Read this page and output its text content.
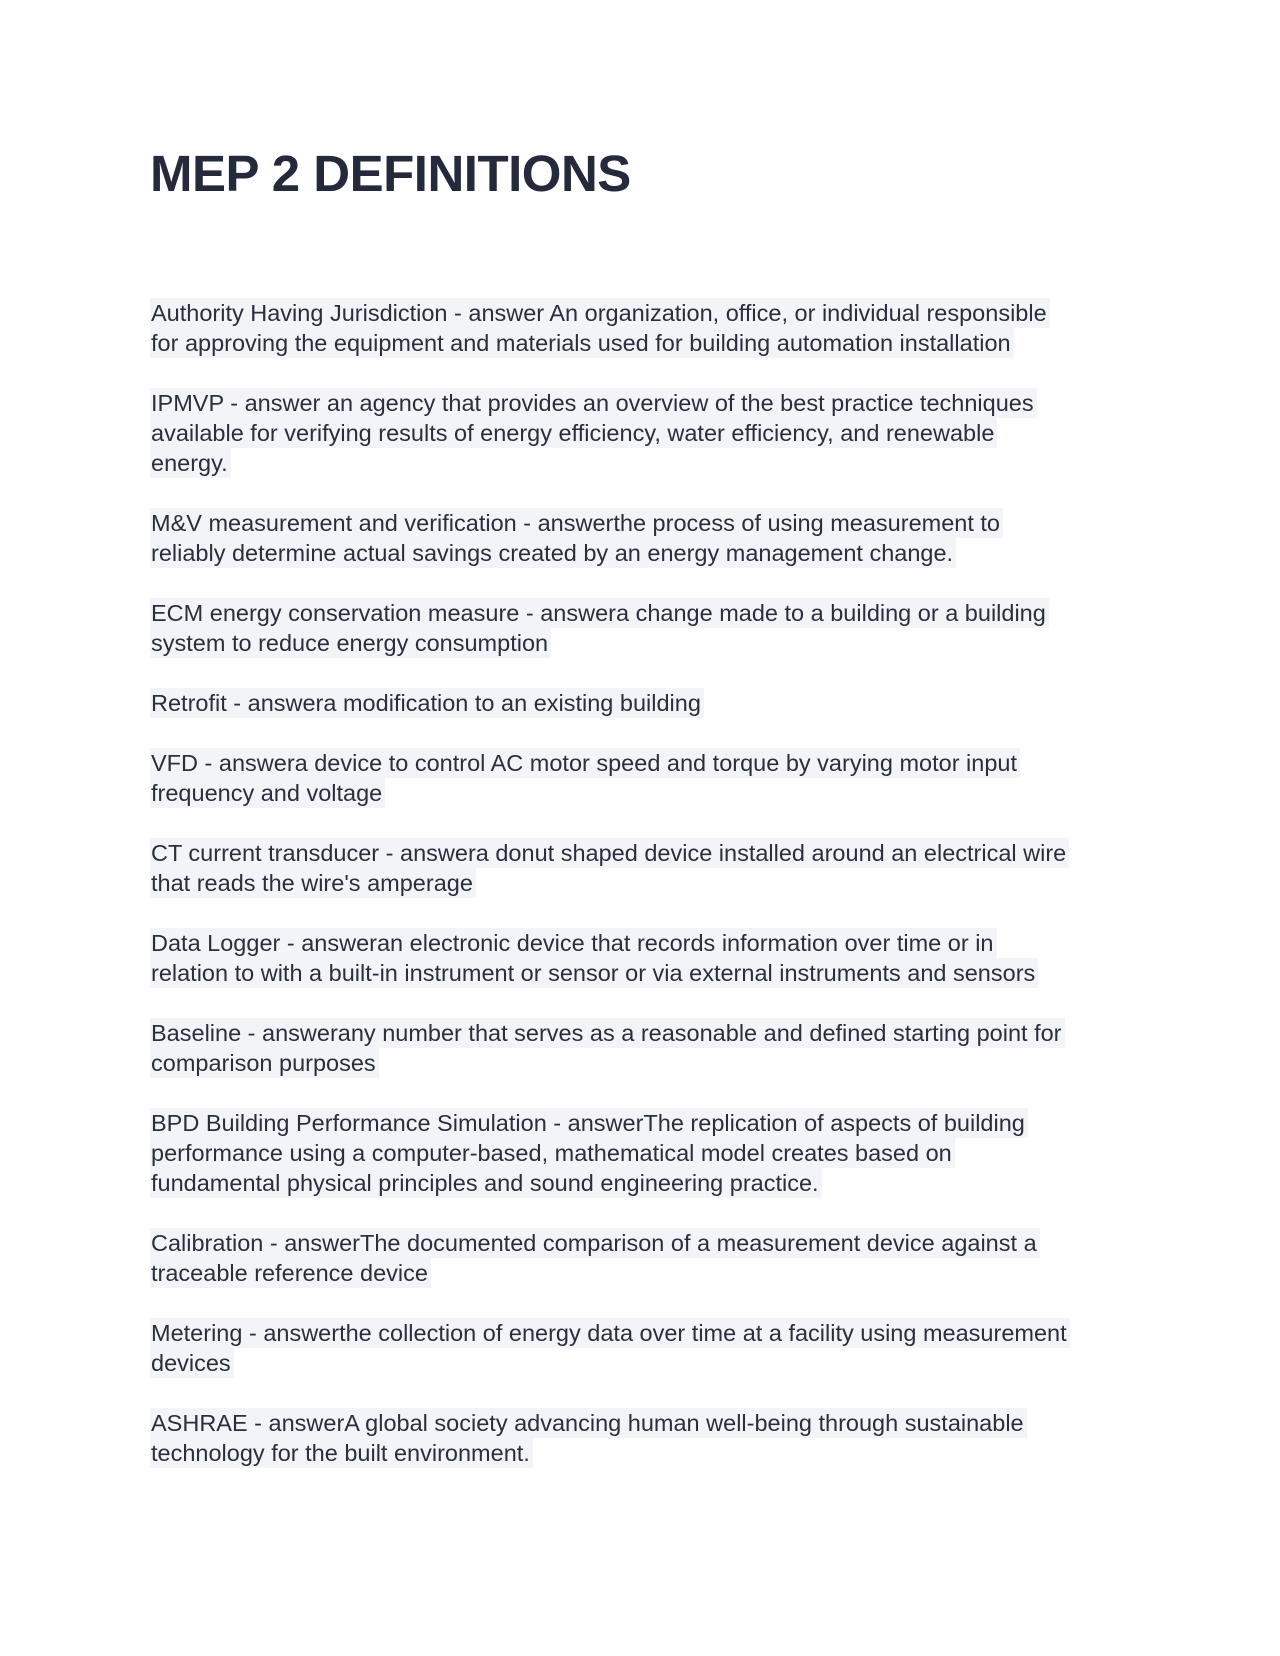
MEP 2 DEFINITIONS
Authority Having Jurisdiction - answer An organization, office, or individual responsible
for approving the equipment and materials used for building automation installation
IPMVP - answer an agency that provides an overview of the best practice techniques
available for verifying results of energy efficiency, water efficiency, and renewable
energy.
M&V measurement and verification - answerthe process of using measurement to
reliably determine actual savings created by an energy management change.
ECM energy conservation measure - answera change made to a building or a building
system to reduce energy consumption
Retrofit - answera modification to an existing building
VFD - answera device to control AC motor speed and torque by varying motor input
frequency and voltage
CT current transducer - answera donut shaped device installed around an electrical wire
that reads the wire's amperage
Data Logger - answeran electronic device that records information over time or in
relation to with a built-in instrument or sensor or via external instruments and sensors
Baseline - answerany number that serves as a reasonable and defined starting point for
comparison purposes
BPD Building Performance Simulation - answerThe replication of aspects of building
performance using a computer-based, mathematical model creates based on
fundamental physical principles and sound engineering practice.
Calibration - answerThe documented comparison of a measurement device against a
traceable reference device
Metering - answerthe collection of energy data over time at a facility using measurement
devices
ASHRAE - answerA global society advancing human well-being through sustainable
technology for the built environment.
